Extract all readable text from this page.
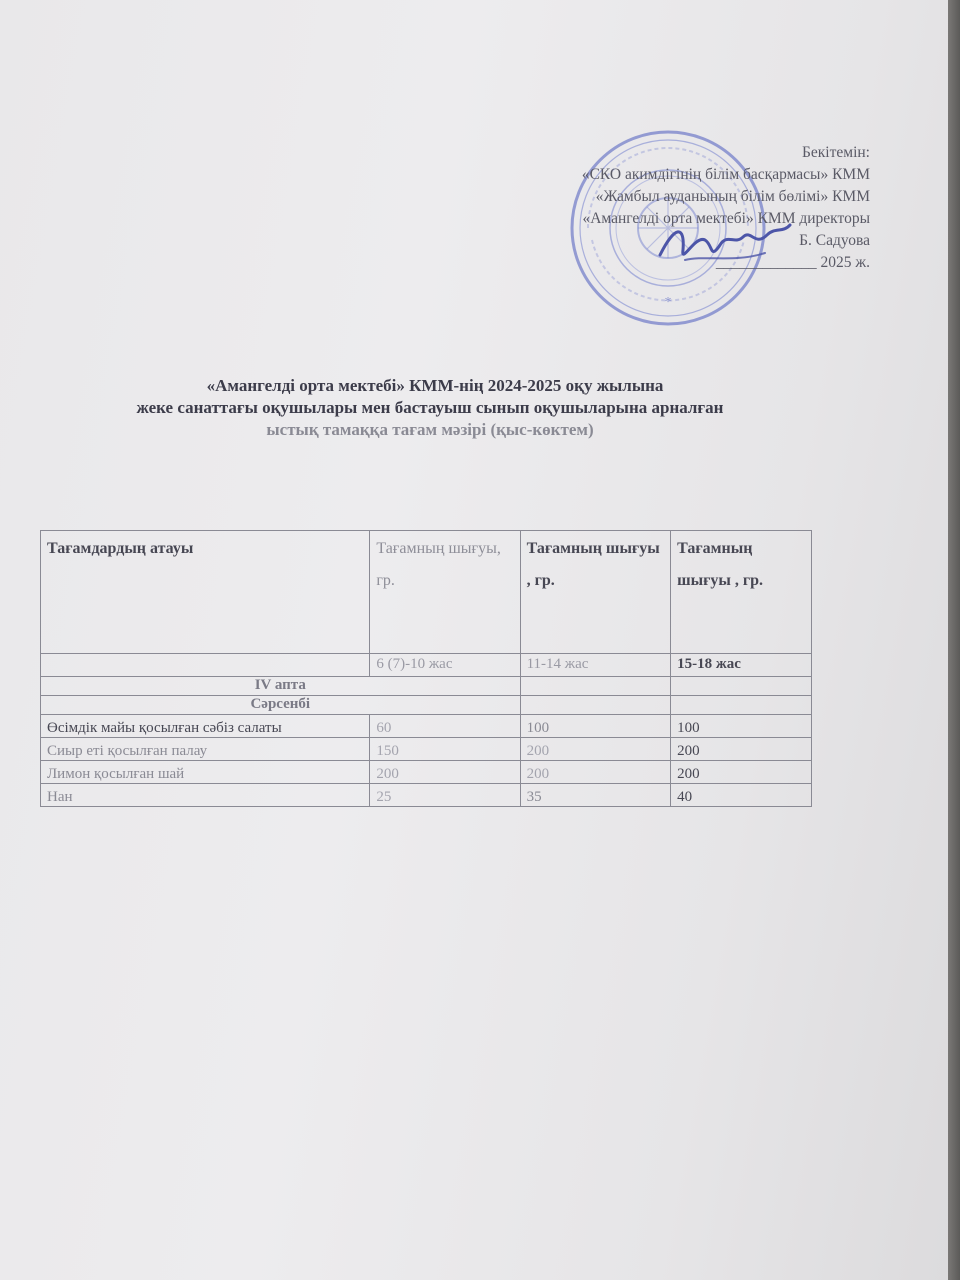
*
Бекітемін:
«СКО акимдігінің білім басқармасы» КММ
«Жамбыл ауданының білім бөлімі» КММ
«Амангелді орта мектебі» КММ директоры
Б. Садуова
_____________ 2025 ж.
«Амангелді орта мектебі» КММ-нің 2024-2025 оқу жылына
жеке санаттағы оқушылары мен бастауыш сынып оқушыларына арналған
ыстық тамаққа тағам мәзірі (қыс-көктем)
Тағамдардың атауы	Тағамның шығуы, гр.	Тағамның шығуы , гр.	Тағамның шығуы , гр.
	6 (7)-10 жас	11-14 жас	15-18 жас
IV апта			
Сәрсенбі			
Өсімдік майы қосылған сәбіз салаты	60	100	100
Сиыр еті қосылған палау	150	200	200
Лимон қосылған шай	200	200	200
Нан	25	35	40
